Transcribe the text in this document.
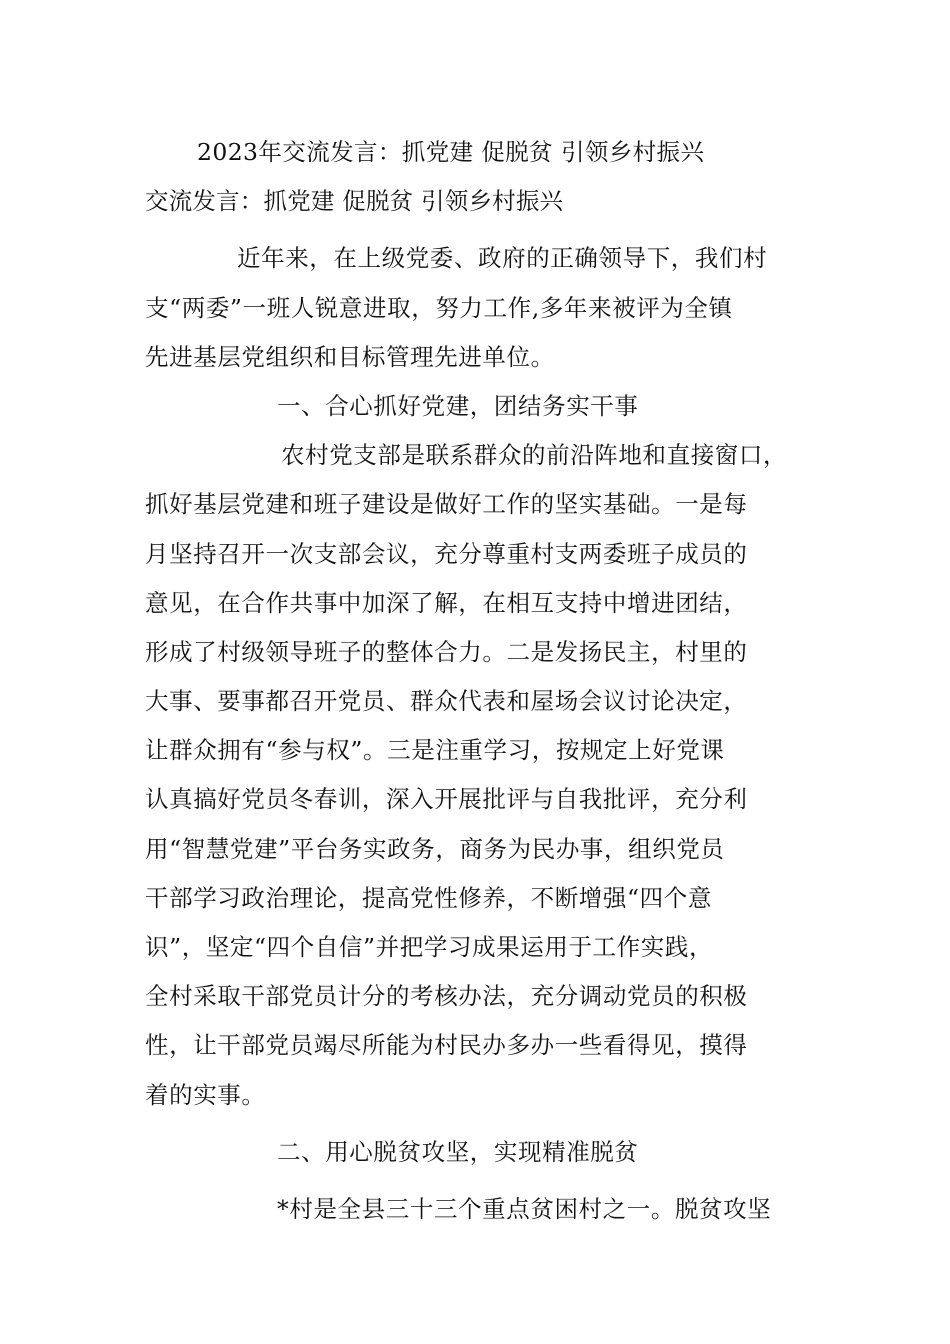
2023年交流发言：抓党建 促脱贫 引领乡村振兴
交流发言：抓党建 促脱贫 引领乡村振兴
近年来，在上级党委、政府的正确领导下，我们村
支“两委”一班人锐意进取，努力工作,多年来被评为全镇
先进基层党组织和目标管理先进单位。
一、合心抓好党建，团结务实干事
农村党支部是联系群众的前沿阵地和直接窗口，
抓好基层党建和班子建设是做好工作的坚实基础。一是每
月坚持召开一次支部会议，充分尊重村支两委班子成员的
意见，在合作共事中加深了解，在相互支持中增进团结，
形成了村级领导班子的整体合力。二是发扬民主，村里的
大事、要事都召开党员、群众代表和屋场会议讨论决定，
让群众拥有“参与权”。三是注重学习，按规定上好党课
认真搞好党员冬春训，深入开展批评与自我批评，充分利
用“智慧党建”平台务实政务，商务为民办事，组织党员
干部学习政治理论，提高党性修养，不断增强“四个意
识”，坚定“四个自信”并把学习成果运用于工作实践，
全村采取干部党员计分的考核办法，充分调动党员的积极
性，让干部党员竭尽所能为村民办多办一些看得见，摸得
着的实事。
二、用心脱贫攻坚，实现精准脱贫
*村是全县三十三个重点贫困村之一。脱贫攻坚
